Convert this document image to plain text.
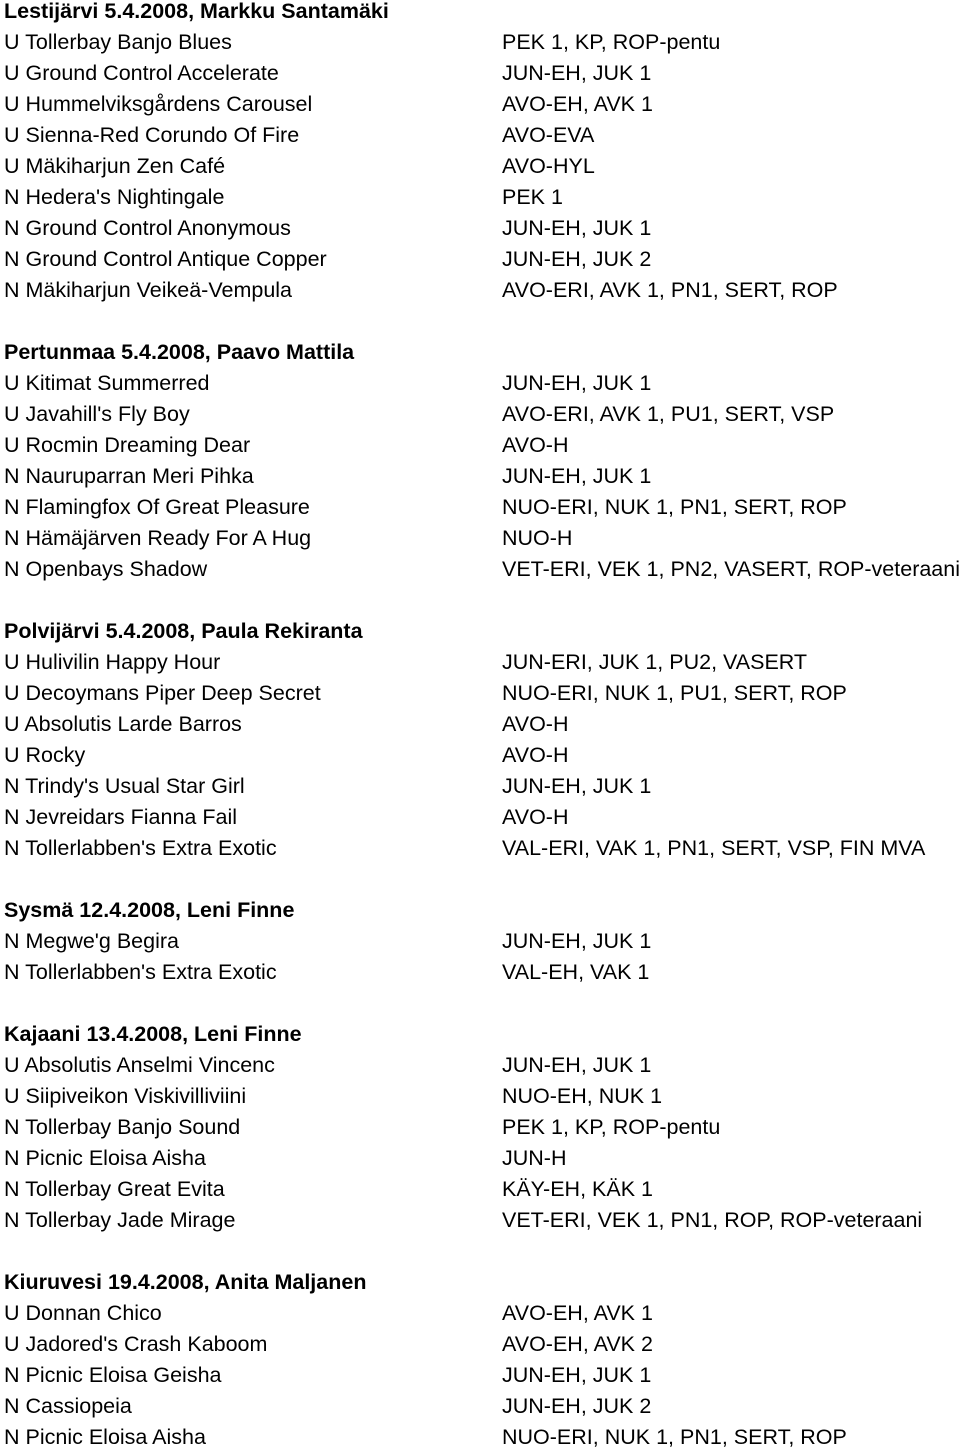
Lestijärvi 5.4.2008, Markku Santamäki
U Tollerbay Banjo Blues	PEK 1, KP, ROP-pentu
U Ground Control Accelerate	JUN-EH, JUK 1
U Hummelviksgårdens Carousel	AVO-EH, AVK 1
U Sienna-Red Corundo Of Fire	AVO-EVA
U Mäkiharjun Zen Café	AVO-HYL
N Hedera's Nightingale	PEK 1
N Ground Control Anonymous	JUN-EH, JUK 1
N Ground Control Antique Copper	JUN-EH, JUK 2
N Mäkiharjun Veikeä-Vempula	AVO-ERI, AVK 1, PN1, SERT, ROP
Pertunmaa 5.4.2008, Paavo Mattila
U Kitimat Summerred	JUN-EH, JUK 1
U Javahill's Fly Boy	AVO-ERI, AVK 1, PU1, SERT, VSP
U Rocmin Dreaming Dear	AVO-H
N Nauruparran Meri Pihka	JUN-EH, JUK 1
N Flamingfox Of Great Pleasure	NUO-ERI, NUK 1, PN1, SERT, ROP
N Hämäjärven Ready For A Hug	NUO-H
N Openbays Shadow	VET-ERI, VEK 1, PN2, VASERT, ROP-veteraani
Polvijärvi 5.4.2008, Paula Rekiranta
U Hulivilin Happy Hour	JUN-ERI, JUK 1, PU2, VASERT
U Decoymans Piper Deep Secret	NUO-ERI, NUK 1, PU1, SERT, ROP
U Absolutis Larde Barros	AVO-H
U Rocky	AVO-H
N Trindy's Usual Star Girl	JUN-EH, JUK 1
N Jevreidars Fianna Fail	AVO-H
N Tollerlabben's Extra Exotic	VAL-ERI, VAK 1, PN1, SERT, VSP, FIN MVA
Sysmä 12.4.2008, Leni Finne
N Megwe'g Begira	JUN-EH, JUK 1
N Tollerlabben's Extra Exotic	VAL-EH, VAK 1
Kajaani 13.4.2008, Leni Finne
U Absolutis Anselmi Vincenc	JUN-EH, JUK 1
U Siipiveikon Viskivilliviini	NUO-EH, NUK 1
N Tollerbay Banjo Sound	PEK 1, KP, ROP-pentu
N Picnic Eloisa Aisha	JUN-H
N Tollerbay Great Evita	KÄY-EH, KÄK 1
N Tollerbay Jade Mirage	VET-ERI, VEK 1, PN1, ROP, ROP-veteraani
Kiuruvesi 19.4.2008, Anita Maljanen
U Donnan Chico	AVO-EH, AVK 1
U Jadored's Crash Kaboom	AVO-EH, AVK 2
N Picnic Eloisa Geisha	JUN-EH, JUK 1
N Cassiopeia	JUN-EH, JUK 2
N Picnic Eloisa Aisha	NUO-ERI, NUK 1, PN1, SERT, ROP
